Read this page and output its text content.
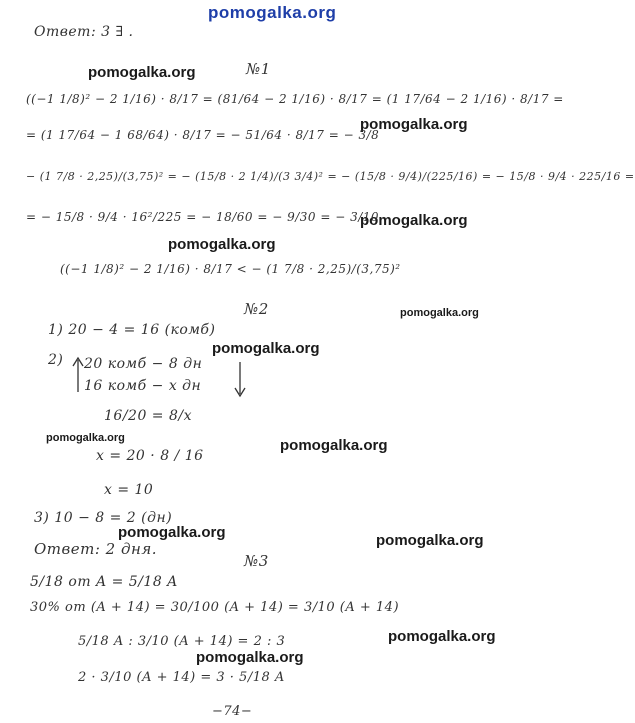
pomogalka.org
pomogalka.org
pomogalka.org
pomogalka.org
pomogalka.org
pomogalka.org
pomogalka.org
pomogalka.org	pomogalka.org
pomogalka.org	pomogalka.org
pomogalka.org
pomogalka.org
Ответ: 3 ∃ .
№1
((−1 1/8)² − 2 1/16) · 8/17 = (81/64 − 2 1/16) · 8/17 = (1 17/64 − 2 1/16) · 8/17 =
= (1 17/64 − 1 68/64) · 8/17 = − 51/64 · 8/17 = − 3/8
− (1 7/8 · 2,25)/(3,75)² = − (15/8 · 2 1/4)/(3 3/4)² = − (15/8 · 9/4)/(225/16) = − 15/8 · 9/4 · 225/16 =
= − 15/8 · 9/4 · 16²/225 = − 18/60 = − 9/30 = − 3/10
((−1 1/8)² − 2 1/16) · 8/17 < − (1 7/8 · 2,25)/(3,75)²
№2
1) 20 − 4 = 16 (комб)
2) 20 комб − 8 дн
16 комб − x дн
16/20 = 8/x
x = 20 · 8 / 16
x = 10
3) 10 − 8 = 2 (дн)
Ответ: 2 дня.
№3
5/18 от A = 5/18 A
30% от (A + 14) = 30/100 (A + 14) = 3/10 (A + 14)
5/18 A : 3/10 (A + 14) = 2 : 3
2 · 3/10 (A + 14) = 3 · 5/18 A
−74−
